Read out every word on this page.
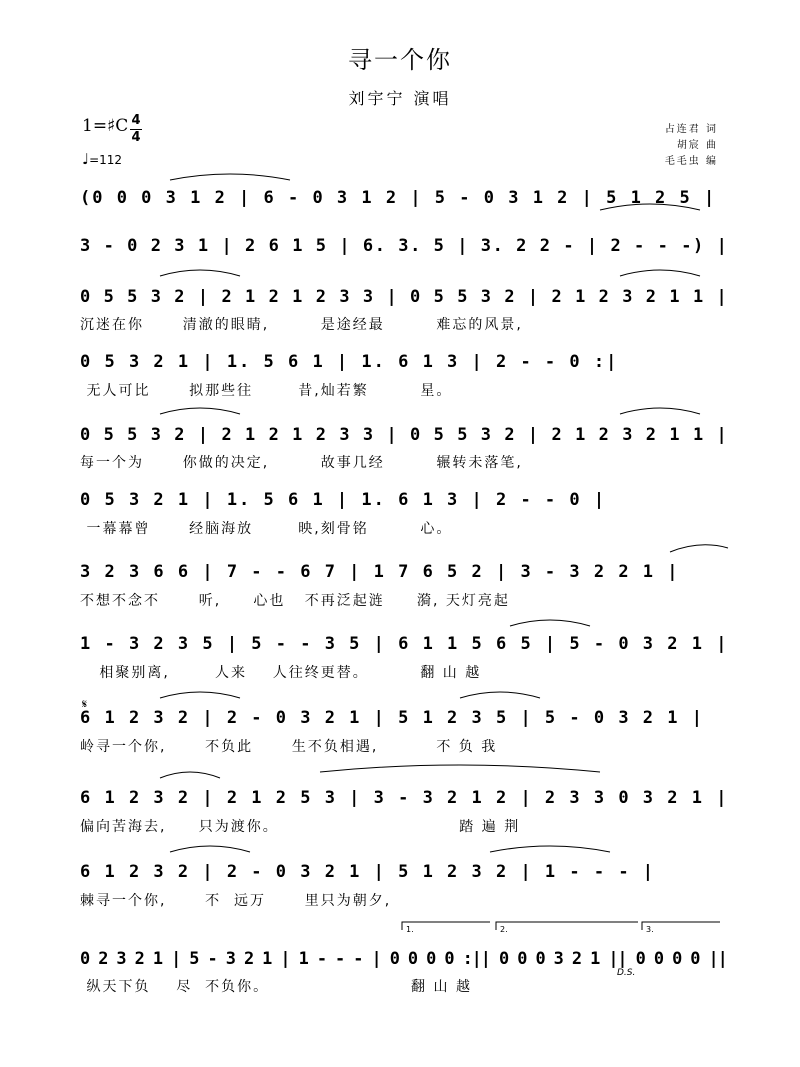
寻一个你
刘宇宁 演唱
1=♯C 4
4
♩=112
占连君 词
胡宸 曲
毛毛虫 编
(0 0 0 3 1 2 | 6 - 0 3 1 2 | 5 - 0 3 1 2 | 5 1 2 5 |
3 - 0 2 3 1 | 2 6 1 5 | 6. 3. 5 | 3. 2 2 - | 2 - - -) |
0 5 5 3 2 | 2 1 2 1 2 3 3 | 0 5 5 3 2 | 2 1 2 3 2 1 1 |
沉迷在你      清澈的眼睛,        是途经最        难忘的风景,
0 5 3 2 1 | 1. 5 6 1 | 1. 6 1 3 | 2 - - 0 :|
无人可比      拟那些往       昔,灿若繁        星。
0 5 5 3 2 | 2 1 2 1 2 3 3 | 0 5 5 3 2 | 2 1 2 3 2 1 1 |
每一个为      你做的决定,        故事几经        辗转未落笔,
0 5 3 2 1 | 1. 5 6 1 | 1. 6 1 3 | 2 - - 0 |
一幕幕曾      经脑海放       映,刻骨铭        心。
3 2 3 6 6 | 7 - - 6 7 | 1 7 6 5 2 | 3 - 3 2 2 1 |
不想不念不      听,     心也   不再泛起涟     漪, 天灯亮起
1 - 3 2 3 5 | 5 - - 3 5 | 6 1 1 5 6 5 | 5 - 0 3 2 1 |
相聚别离,       人来    人往终更替。        翻 山 越
𝄋
6 1 2 3 2 | 2 - 0 3 2 1 | 5 1 2 3 5 | 5 - 0 3 2 1 |
岭寻一个你,      不负此      生不负相遇,         不 负 我
6 1 2 3 2 | 2 1 2 5 3 | 3 - 3 2 1 2 | 2 3 3 0 3 2 1 |
偏向苦海去,     只为渡你。                            踏 遍 荆
6 1 2 3 2 | 2 - 0 3 2 1 | 5 1 2 3 2 | 1 - - - |
棘寻一个你,      不  远万      里只为朝夕,
1.	2.	3.
0 2 3 2 1 | 5 - 3 2 1 | 1 - - - | 0 0 0 0 :|| 0 0 0 3 2 1 || 0 0 0 0 ||
纵天下负    尽  不负你。                      翻 山 越
D.S.
